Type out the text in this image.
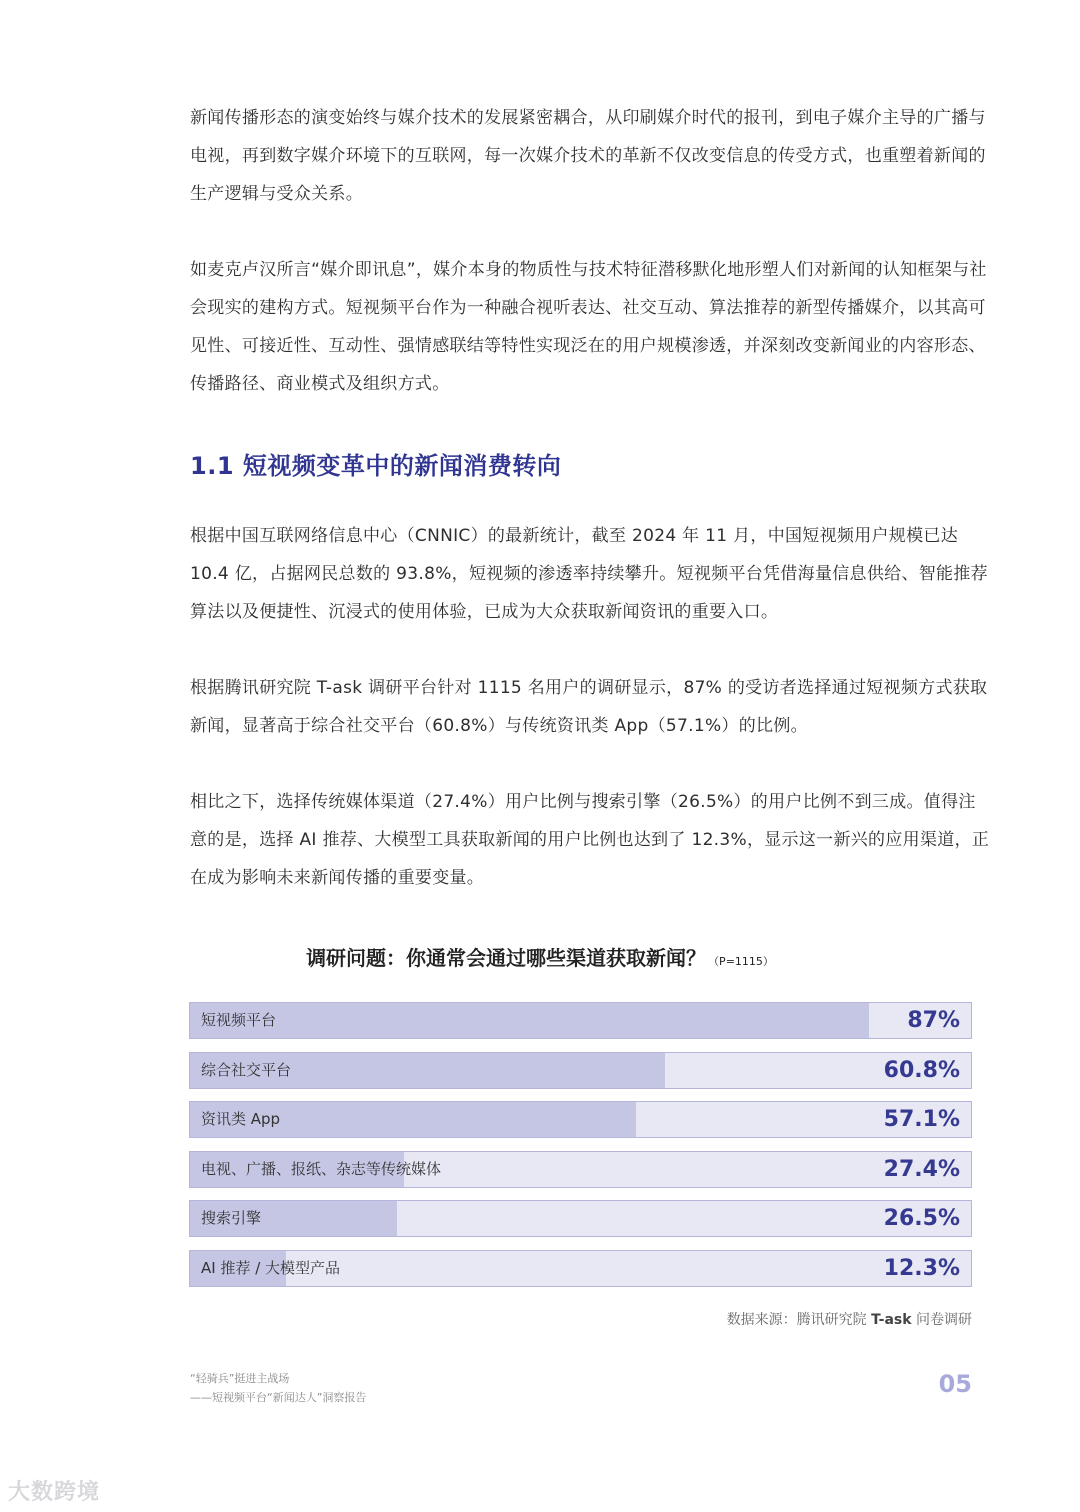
新闻传播形态的演变始终与媒介技术的发展紧密耦合，从印刷媒介时代的报刊，到电子媒介主导的广播与电视，再到数字媒介环境下的互联网，每一次媒介技术的革新不仅改变信息的传受方式，也重塑着新闻的生产逻辑与受众关系。

如麦克卢汉所言“媒介即讯息”，媒介本身的物质性与技术特征潜移默化地形塑人们对新闻的认知框架与社会现实的建构方式。短视频平台作为一种融合视听表达、社交互动、算法推荐的新型传播媒介，以其高可见性、可接近性、互动性、强情感联结等特性实现泛在的用户规模渗透，并深刻改变新闻业的内容形态、传播路径、商业模式及组织方式。

1.1 短视频变革中的新闻消费转向

根据中国互联网络信息中心（CNNIC）的最新统计，截至 2024 年 11 月，中国短视频用户规模已达 10.4 亿，占据网民总数的 93.8%，短视频的渗透率持续攀升。短视频平台凭借海量信息供给、智能推荐算法以及便捷性、沉浸式的使用体验，已成为大众获取新闻资讯的重要入口。

根据腾讯研究院 T-ask 调研平台针对 1115 名用户的调研显示，87% 的受访者选择通过短视频方式获取新闻，显著高于综合社交平台（60.8%）与传统资讯类 App（57.1%）的比例。

相比之下，选择传统媒体渠道（27.4%）用户比例与搜索引擎（26.5%）的用户比例不到三成。值得注意的是，选择 AI 推荐、大模型工具获取新闻的用户比例也达到了 12.3%，显示这一新兴的应用渠道，正在成为影响未来新闻传播的重要变量。

调研问题：你通常会通过哪些渠道获取新闻？ （P=1115）
短视频平台	87%
综合社交平台	60.8%
资讯类 App	57.1%
电视、广播、报纸、杂志等传统媒体	27.4%
搜索引擎	26.5%
AI 推荐 / 大模型产品	12.3%
数据来源：腾讯研究院 T-ask 问卷调研
“轻骑兵”挺进主战场
——短视频平台“新闻达人”洞察报告	05
大数跨境
